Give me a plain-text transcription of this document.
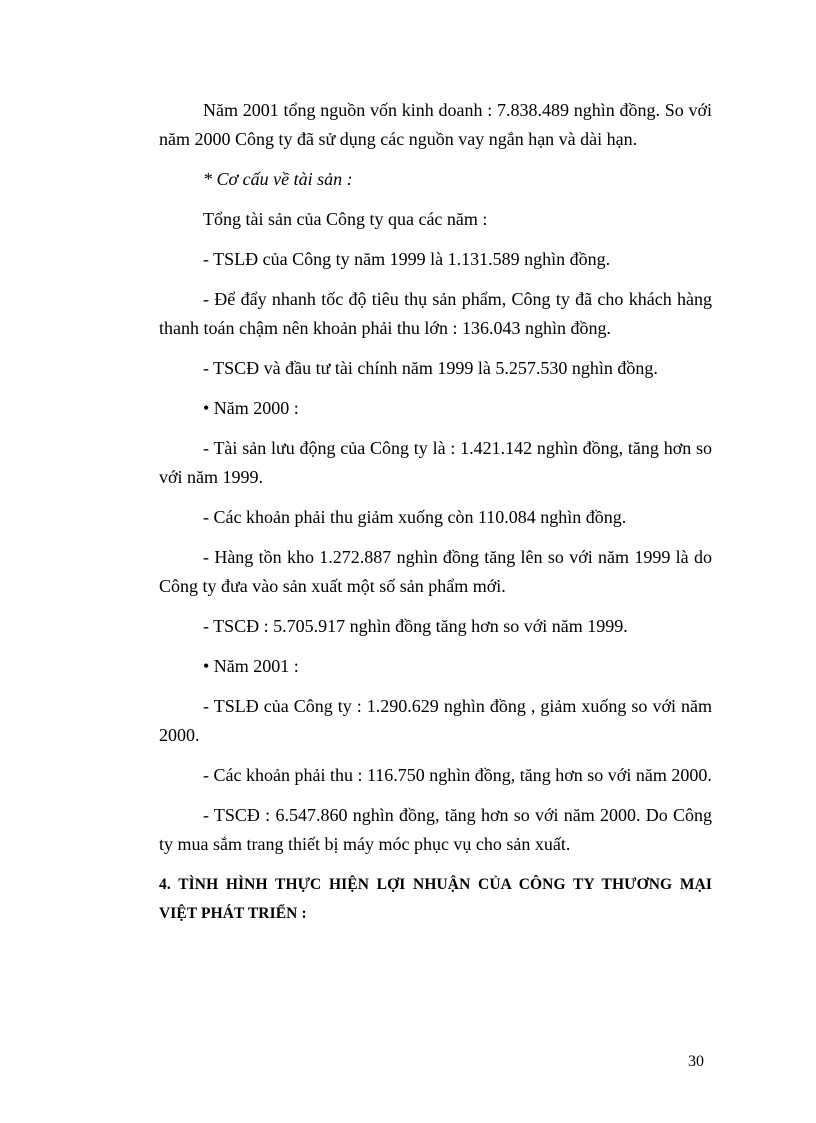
Năm 2001 tổng nguồn vốn kinh doanh : 7.838.489 nghìn đồng. So với năm 2000 Công ty đã sử dụng các nguồn vay ngắn hạn và dài hạn.

* Cơ cấu về tài sản :

Tổng tài sản của Công ty qua các năm :

- TSLĐ của Công ty năm 1999 là 1.131.589 nghìn đồng.

- Để đẩy nhanh tốc độ tiêu thụ sản phẩm, Công ty đã cho khách hàng thanh toán chậm nên khoản phải thu lớn : 136.043 nghìn đồng.

- TSCĐ và đầu tư tài chính năm 1999 là 5.257.530 nghìn đồng.

• Năm 2000 :

- Tài sản lưu động của Công ty là : 1.421.142 nghìn đồng, tăng hơn so với năm 1999.

- Các khoản phải thu giảm xuống còn 110.084 nghìn đồng.

- Hàng tồn kho 1.272.887 nghìn đồng tăng lên so với năm 1999 là do Công ty đưa vào sản xuất một số sản phẩm mới.

- TSCĐ : 5.705.917 nghìn đồng tăng hơn so với năm 1999.

• Năm 2001 :

- TSLĐ của Công ty : 1.290.629 nghìn đồng , giảm xuống so với năm 2000.

- Các khoản phải thu : 116.750 nghìn đồng, tăng hơn so với năm 2000.

- TSCĐ : 6.547.860 nghìn đồng, tăng hơn so với năm 2000. Do Công ty mua sắm trang thiết bị máy móc phục vụ cho sản xuất.

4. TÌNH HÌNH THỰC HIỆN LỢI NHUẬN CỦA CÔNG TY THƯƠNG MẠI VIỆT PHÁT TRIỂN :
30
